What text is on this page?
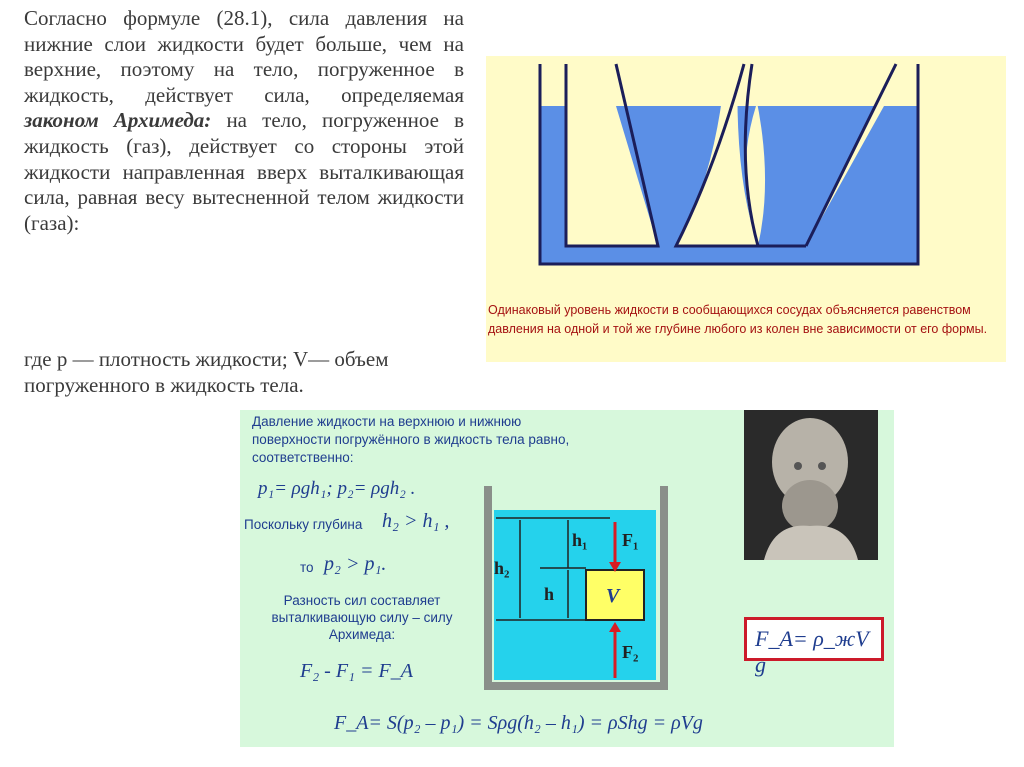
Согласно формуле (28.1), сила давления на нижние слои жидкости будет больше, чем на верхние, поэтому на тело, погруженное в жидкость, действует сила, определяемая законом Архимеда: на тело, погруженное в жидкость (газ), действует со стороны этой жидкости направленная вверх выталкивающая сила, равная весу вытесненной телом жидкости (газа):

где р — плотность жидкости; V— объем погруженного в жидкость тела.
Одинаковый уровень жидкости в сообщающихся сосудах объясняется равенством давления на одной и той же глубине любого из колен вне зависимости от его формы.
Давление жидкости на верхнюю и нижнюю поверхности погружённого в жидкость тела равно, соответственно:
p₁= ρgh₁; p₂= ρgh₂ .
Поскольку глубина h₂ > h₁ ,
то p₂ > p₁.
Разность сил составляет выталкивающую силу – силу Архимеда:
F₂ - F₁ = F_A
h₂
h₁
h	V
F₁
F₂
F_A= ρ_жV g
F_A= S(p₂ – p₁) = Sρg(h₂ – h₁) = ρShg = ρVg
